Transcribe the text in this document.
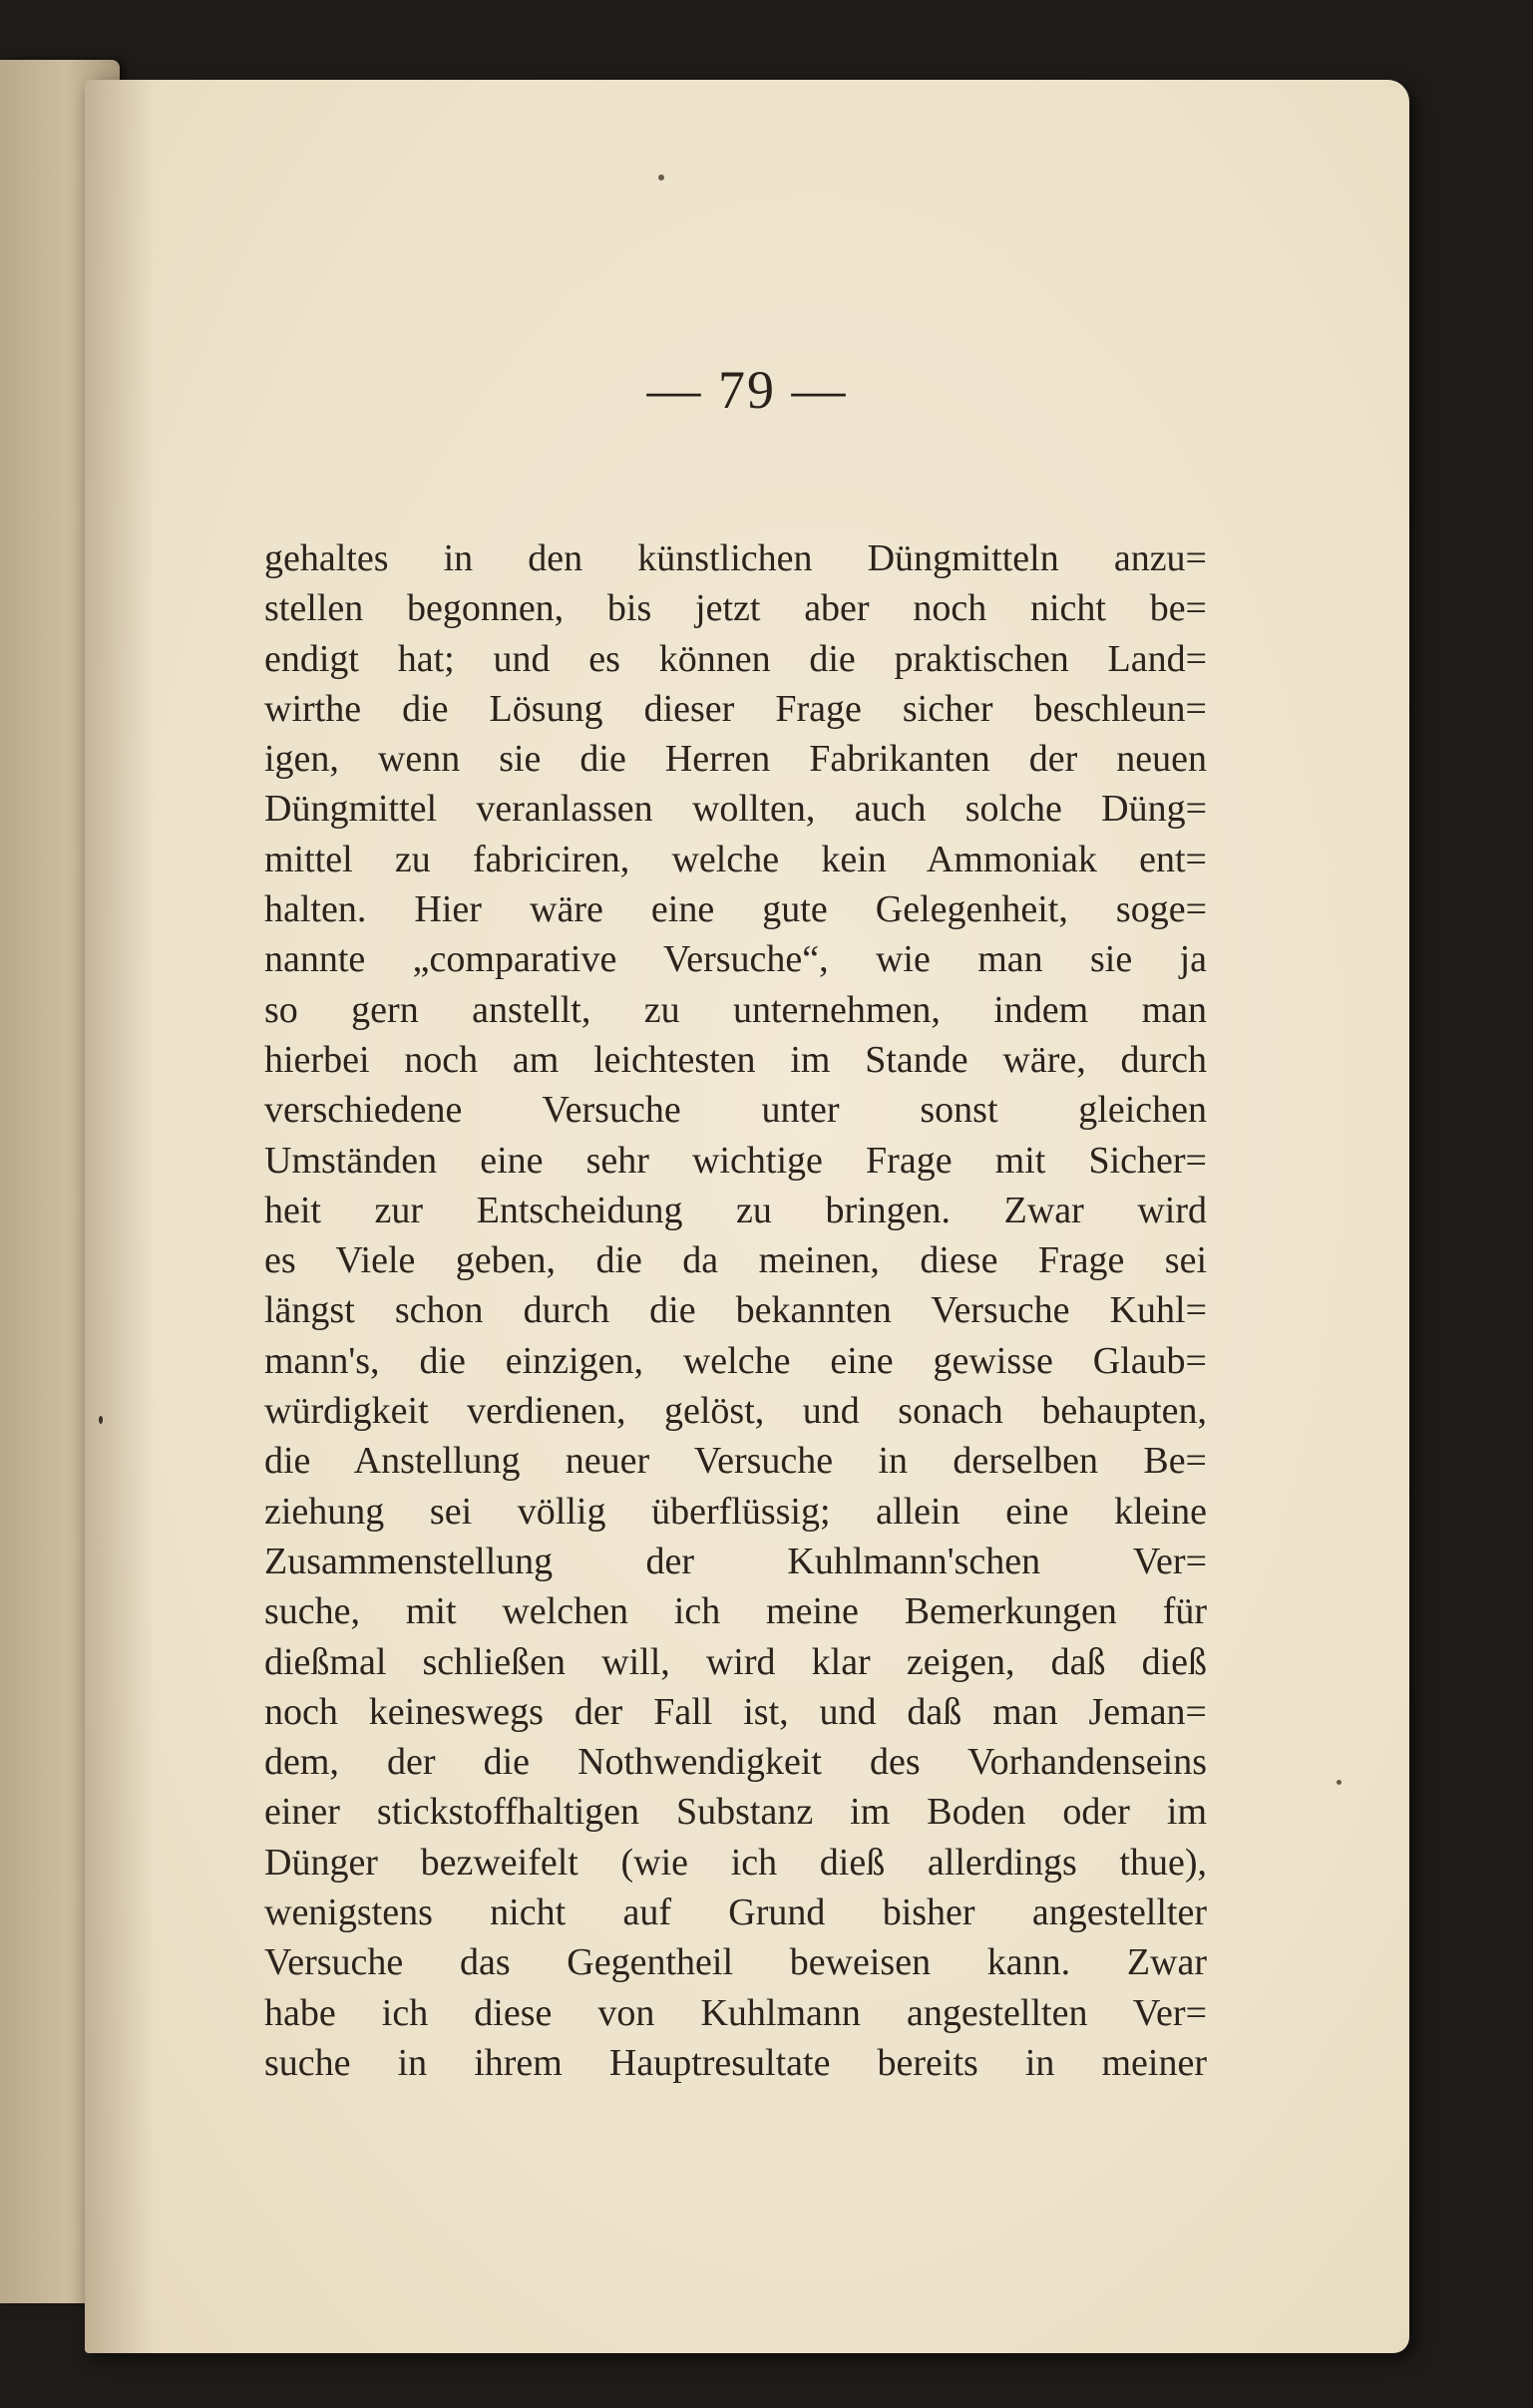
— 79 —
gehaltes in den künstlichen Düngmitteln anzu=
stellen begonnen, bis jetzt aber noch nicht be=
endigt hat; und es können die praktischen Land=
wirthe die Lösung dieser Frage sicher beschleun=
igen, wenn sie die Herren Fabrikanten der neuen
Düngmittel veranlassen wollten, auch solche Düng=
mittel zu fabriciren, welche kein Ammoniak ent=
halten. Hier wäre eine gute Gelegenheit, soge=
nannte „comparative Versuche“, wie man sie ja
so gern anstellt, zu unternehmen, indem man
hierbei noch am leichtesten im Stande wäre, durch
verschiedene Versuche unter sonst gleichen
Umständen eine sehr wichtige Frage mit Sicher=
heit zur Entscheidung zu bringen. Zwar wird
es Viele geben, die da meinen, diese Frage sei
längst schon durch die bekannten Versuche Kuhl=
mann's, die einzigen, welche eine gewisse Glaub=
würdigkeit verdienen, gelöst, und sonach behaupten,
die Anstellung neuer Versuche in derselben Be=
ziehung sei völlig überflüssig; allein eine kleine
Zusammenstellung der Kuhlmann'schen Ver=
suche, mit welchen ich meine Bemerkungen für
dießmal schließen will, wird klar zeigen, daß dieß
noch keineswegs der Fall ist, und daß man Jeman=
dem, der die Nothwendigkeit des Vorhandenseins
einer stickstoffhaltigen Substanz im Boden oder im
Dünger bezweifelt (wie ich dieß allerdings thue),
wenigstens nicht auf Grund bisher angestellter
Versuche das Gegentheil beweisen kann. Zwar
habe ich diese von Kuhlmann angestellten Ver=
suche in ihrem Hauptresultate bereits in meiner
